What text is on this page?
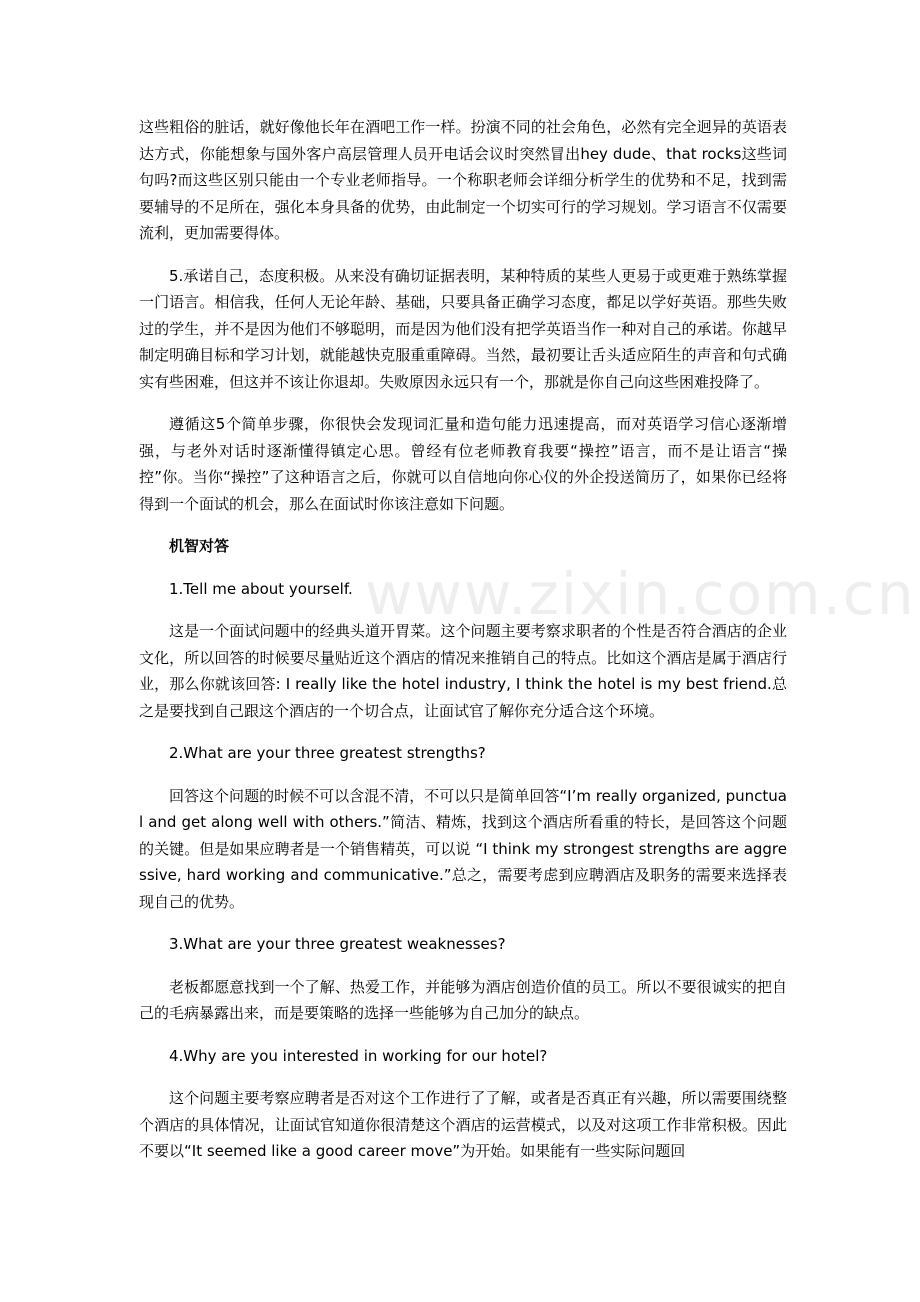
www.zixin.com.cn

这些粗俗的脏话，就好像他长年在酒吧工作一样。扮演不同的社会角色，必然有完全迥异的英语表达方式，你能想象与国外客户高层管理人员开电话会议时突然冒出hey dude、that rocks这些词句吗?而这些区别只能由一个专业老师指导。一个称职老师会详细分析学生的优势和不足，找到需要辅导的不足所在，强化本身具备的优势，由此制定一个切实可行的学习规划。学习语言不仅需要流利，更加需要得体。

5.承诺自己，态度积极。从来没有确切证据表明，某种特质的某些人更易于或更难于熟练掌握一门语言。相信我，任何人无论年龄、基础，只要具备正确学习态度，都足以学好英语。那些失败过的学生，并不是因为他们不够聪明，而是因为他们没有把学英语当作一种对自己的承诺。你越早制定明确目标和学习计划，就能越快克服重重障碍。当然，最初要让舌头适应陌生的声音和句式确实有些困难，但这并不该让你退却。失败原因永远只有一个，那就是你自己向这些困难投降了。

遵循这5个简单步骤，你很快会发现词汇量和造句能力迅速提高，而对英语学习信心逐渐增强，与老外对话时逐渐懂得镇定心思。曾经有位老师教育我要“操控”语言，而不是让语言“操控”你。当你“操控”了这种语言之后，你就可以自信地向你心仪的外企投送简历了，如果你已经将得到一个面试的机会，那么在面试时你该注意如下问题。

机智对答

1.Tell me about yourself.

这是一个面试问题中的经典头道开胃菜。这个问题主要考察求职者的个性是否符合酒店的企业文化，所以回答的时候要尽量贴近这个酒店的情况来推销自己的特点。比如这个酒店是属于酒店行业，那么你就该回答: I really like the hotel industry, I think the hotel is my best friend.总之是要找到自己跟这个酒店的一个切合点，让面试官了解你充分适合这个环境。

2.What are your three greatest strengths?

回答这个问题的时候不可以含混不清，不可以只是简单回答“I’m really organized, punctual and get along well with others.”简洁、精炼，找到这个酒店所看重的特长，是回答这个问题的关键。但是如果应聘者是一个销售精英，可以说 “I think my strongest strengths are aggressive, hard working and communicative.”总之，需要考虑到应聘酒店及职务的需要来选择表现自己的优势。

3.What are your three greatest weaknesses?

老板都愿意找到一个了解、热爱工作，并能够为酒店创造价值的员工。所以不要很诚实的把自己的毛病暴露出来，而是要策略的选择一些能够为自己加分的缺点。

4.Why are you interested in working for our hotel?

这个问题主要考察应聘者是否对这个工作进行了了解，或者是否真正有兴趣，所以需要围绕整个酒店的具体情况，让面试官知道你很清楚这个酒店的运营模式，以及对这项工作非常积极。因此不要以“It seemed like a good career move”为开始。如果能有一些实际问题回
